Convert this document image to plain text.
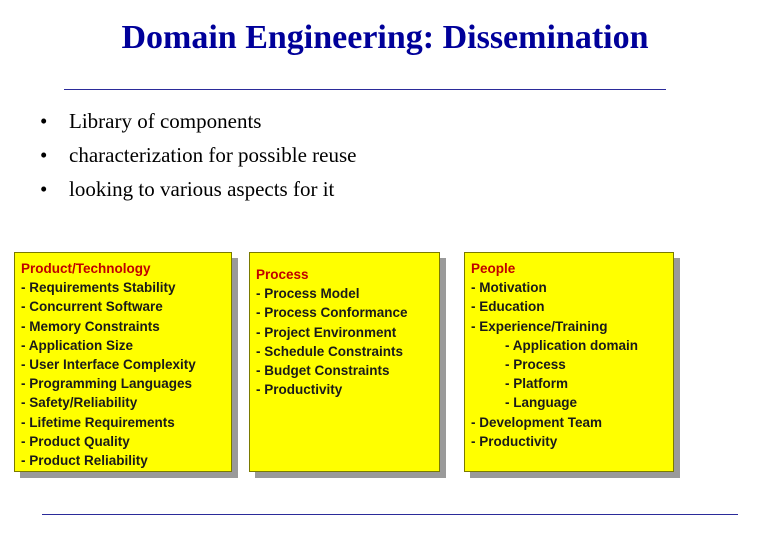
Domain Engineering: Dissemination
•	Library of components
•	characterization for possible reuse
•	looking to various aspects for it
Product/Technology
- Requirements Stability
- Concurrent Software
- Memory Constraints
- Application Size
- User Interface Complexity
- Programming Languages
- Safety/Reliability
- Lifetime Requirements
- Product Quality
- Product Reliability
Process
- Process Model
- Process Conformance
- Project Environment
- Schedule Constraints
- Budget Constraints
- Productivity
People
- Motivation
- Education
- Experience/Training
- Application domain
- Process
- Platform
- Language
- Development Team
- Productivity
